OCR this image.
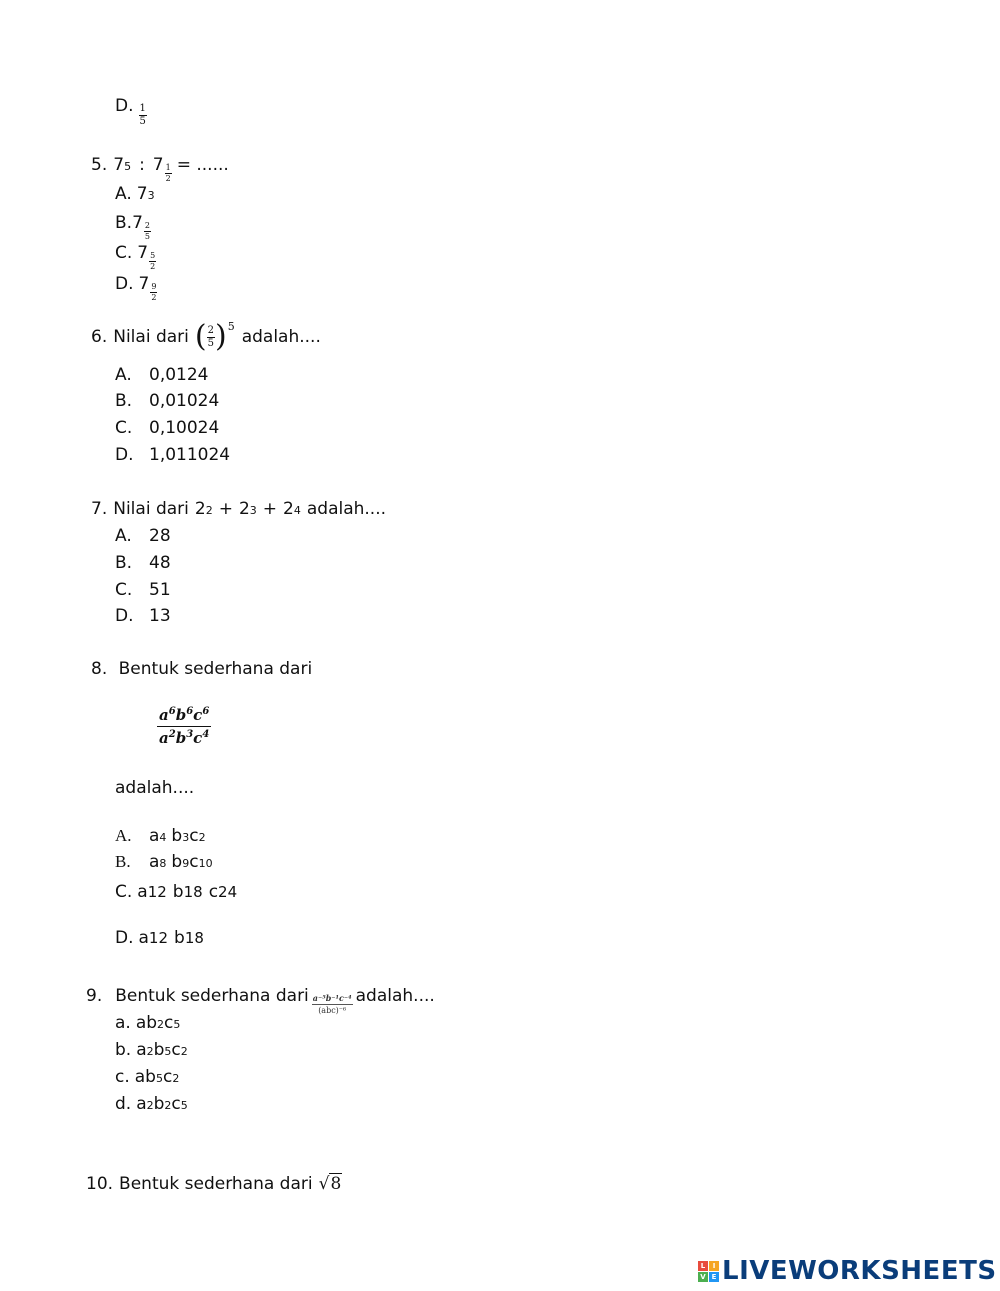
D. $\frac{1}{5}$
5. 7 5 : $7 \frac{1}{2}$ = ......
A. 7 3
B. $7 \frac{2}{5}$
C. $7 \frac{5}{2}$
D. $7 \frac{9}{2}$
6. Nilai dari ( $\frac{2}{5}$ ) 5
adalah....
A. 0,0124
B. 0,01024
C. 0,10024
D. 1,011024
7. Nilai dari 2 2 + 2 3 + 2 4 adalah....
A. 28
B. 48
C. 51
D. 13
8. Bentuk sederhana dari
$\frac{a^6b^6c^6}{a^2b^3c^4}$
adalah....
A.	a 4 b 3 c 2
B.	a 8 b 9 c 10
C. a 12 b 18 c 24
D. a 12 b 18
9. Bentuk sederhana dari a⁻⁵b⁻¹c⁻⁴
(abc)⁻⁶
adalah....
a. ab 2 c 5
b. a 2 b 5 c 2
c. ab 5 c 2
d. a 2 b 2 c 5
10. Bentuk sederhana dari √8
L	I
V E LIVEWORKSHEETS
